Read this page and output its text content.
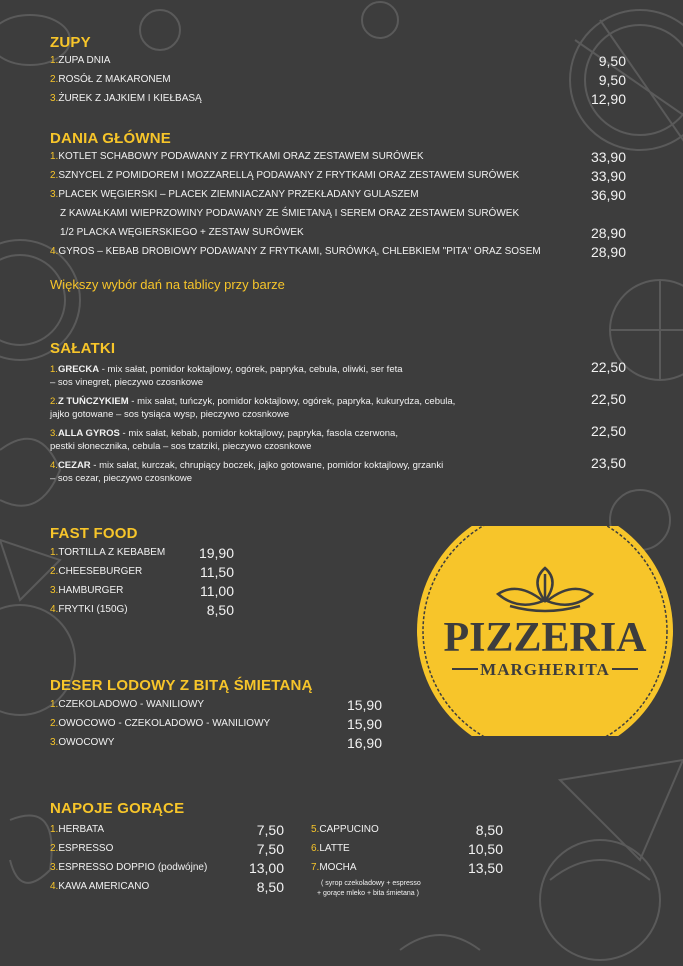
ZUPY
1.ZUPA DNIA	9,50
2.ROSÓŁ Z MAKARONEM	9,50
3.ŻUREK Z JAJKIEM I KIEŁBASĄ	12,90
DANIA GŁÓWNE
1.KOTLET SCHABOWY PODAWANY Z FRYTKAMI ORAZ ZESTAWEM SURÓWEK	33,90
2.SZNYCEL Z POMIDOREM I MOZZARELLĄ PODAWANY Z FRYTKAMI ORAZ ZESTAWEM SURÓWEK	33,90
3.PLACEK WĘGIERSKI – PLACEK ZIEMNIACZANY PRZEKŁADANY GULASZEM	36,90
Z KAWAŁKAMI WIEPRZOWINY PODAWANY ZE ŚMIETANĄ I SEREM ORAZ ZESTAWEM SURÓWEK
1/2 PLACKA WĘGIERSKIEGO + ZESTAW SURÓWEK	28,90
4.GYROS – KEBAB DROBIOWY PODAWANY Z FRYTKAMI, SURÓWKĄ, CHLEBKIEM "PITA" ORAZ SOSEM	28,90
Większy wybór dań na tablicy przy barze
SAŁATKI
1.GRECKA - mix sałat, pomidor koktajlowy, ogórek, papryka, cebula, oliwki, ser feta
– sos vinegret, pieczywo czosnkowe
22,50
2.Z TUŃCZYKIEM - mix sałat, tuńczyk, pomidor koktajlowy, ogórek, papryka, kukurydza, cebula,
jajko gotowane – sos tysiąca wysp, pieczywo czosnkowe
22,50
3.ALLA GYROS - mix sałat, kebab, pomidor koktajlowy, papryka, fasola czerwona,
pestki słonecznika, cebula – sos tzatziki, pieczywo czosnkowe
22,50
4.CEZAR - mix sałat, kurczak, chrupiący boczek, jajko gotowane, pomidor koktajlowy, grzanki
– sos cezar, pieczywo czosnkowe
23,50
FAST FOOD
1.TORTILLA Z KEBABEM 19,90
2.CHEESEBURGER	11,50
3.HAMBURGER	11,00
4.FRYTKI (150G)	8,50
PIZZERIA
MARGHERITA
DESER LODOWY Z BITĄ ŚMIETANĄ
1.CZEKOLADOWO - WANILIOWY	15,90
2.OWOCOWO - CZEKOLADOWO - WANILIOWY	15,90
3.OWOCOWY	16,90
NAPOJE GORĄCE
1.HERBATA	7,50
2.ESPRESSO	7,50
3.ESPRESSO DOPPIO (podwójne)	13,00
4.KAWA AMERICANO	8,50
5.CAPPUCINO	8,50
6.LATTE	10,50
7.MOCHA	13,50
( syrop czekoladowy + espresso
+ gorące mleko + bita śmietana )
